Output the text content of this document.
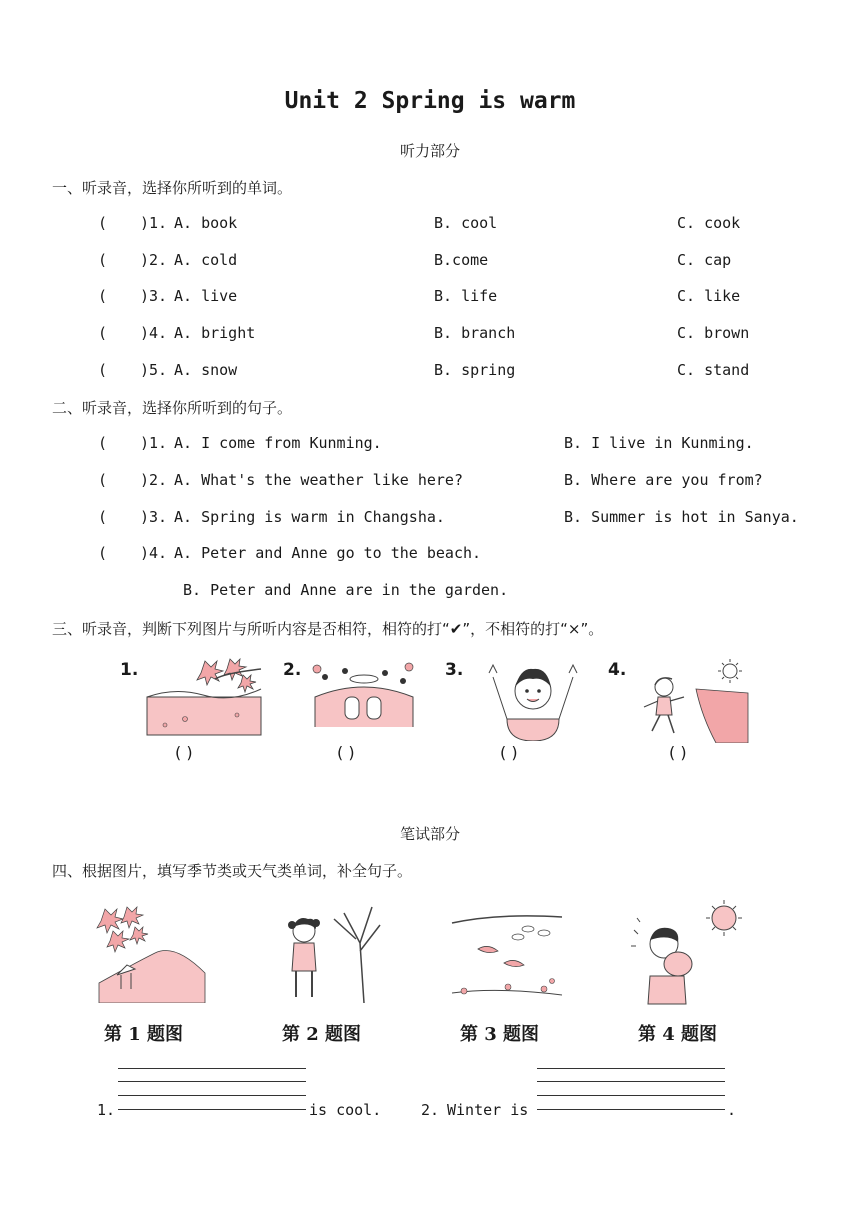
Unit 2 Spring is warm
听力部分
一、听录音，选择你所听到的单词。
( )1. A. book	B. cool	C. cook
( )2. A. cold	B.come	C. cap
( )3. A. live	B. life	C. like
( )4. A. bright	B. branch	C. brown
( )5. A. snow	B. spring	C. stand
二、听录音，选择你所听到的句子。
( )1. A. I come from Kunming.	B. I live in Kunming.
( )2. A. What's the weather like here?	B. Where are you from?
( )3. A. Spring is warm in Changsha.	B. Summer is hot in Sanya.
( )4. A. Peter and Anne go to the beach.
B. Peter and Anne are in the garden.
三、听录音，判断下列图片与所听内容是否相符，相符的打“✔”，不相符的打“×”。
1.
( )
2.
( )
3.
( )
4.
( )
笔试部分
四、根据图片，填写季节类或天气类单词，补全句子。
第 1 题图	第 2 题图	第 3 题图	第 4 题图
1.	is cool.	2. Winter is	.
